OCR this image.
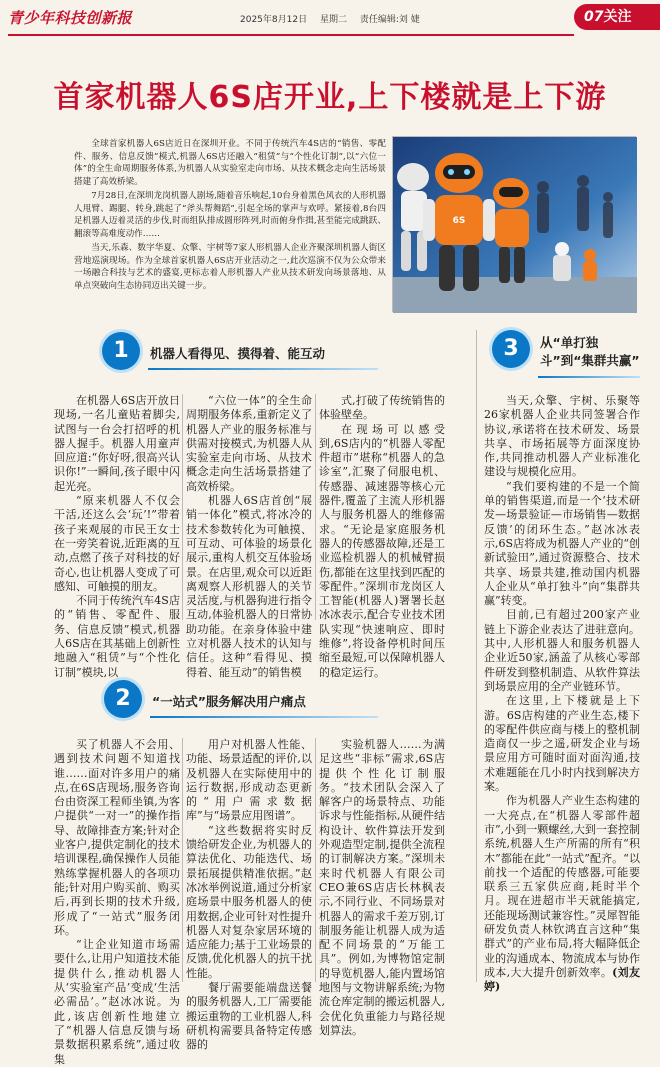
青少年科技创新报	2025年8月12日 星期二 责任编辑:刘 婕	07关注
首家机器人6S店开业,上下楼就是上下游

全球首家机器人6S店近日在深圳开业。不同于传统汽车4S店的“销售、零配件、服务、信息反馈”模式,机器人6S店还融入“租赁”与“个性化订制”,以“六位一体”的全生命周期服务体系,为机器人从实验室走向市场、从技术概念走向生活场景搭建了高效桥梁。

7月28日,在深圳龙岗机器人剧场,随着音乐响起,10台身着黑色风衣的人形机器人甩臂、踢腿、转身,跳起了“斧头帮舞蹈”,引起全场的掌声与欢呼。紧接着,8台四足机器人迈着灵活的步伐,时而组队排成圆形阵列,时而俯身作揖,甚至能完成跳跃、翻滚等高难度动作……

当天,乐森、数字华夏、众擎、宇树等7家人形机器人企业齐聚深圳机器人街区营地巡演现场。作为全球首家机器人6S店开业活动之一,此次巡演不仅为公众带来一场融合科技与艺术的盛宴,更标志着人形机器人产业从技术研发向场景落地、从单点突破向生态协同迈出关键一步。

6S
1	机器人看得见、摸得着、能互动

在机器人6S店开放日现场,一名儿童贴着脚尖,试图与一台会打招呼的机器人握手。机器人用童声回应道:“你好呀,很高兴认识你!”一瞬间,孩子眼中闪起光亮。

“原来机器人不仅会干活,还这么会‘玩’!”带着孩子来观展的市民王女士在一旁笑着说,近距离的互动,点燃了孩子对科技的好奇心,也让机器人变成了可感知、可触摸的朋友。

不同于传统汽车4S店的“销售、零配件、服务、信息反馈”模式,机器人6S店在其基础上创新性地融入“租赁”与“个性化订制”模块,以

“六位一体”的全生命周期服务体系,重新定义了机器人产业的服务标准与供需对接模式,为机器人从实验室走向市场、从技术概念走向生活场景搭建了高效桥梁。

机器人6S店首创“展销一体化”模式,将冰冷的技术参数转化为可触摸、可互动、可体验的场景化展示,重构人机交互体验场景。在店里,观众可以近距离观察人形机器人的关节灵活度,与机器狗进行指令互动,体验机器人的日常协助功能。在亲身体验中建立对机器人技术的认知与信任。这种“看得见、摸得着、能互动”的销售模

式,打破了传统销售的体验壁垒。

在现场可以感受到,6S店内的“机器人零配件超市”堪称“机器人的急诊室”,汇聚了伺服电机、传感器、减速器等核心元器件,覆盖了主流人形机器人与服务机器人的维修需求。“无论是家庭服务机器人的传感器故障,还是工业巡检机器人的机械臂损伤,都能在这里找到匹配的零配件。”深圳市龙岗区人工智能(机器人)署署长赵冰冰表示,配合专业技术团队实现“快速响应、即时维修”,将设备停机时间压缩至最短,可以保障机器人的稳定运行。

2	“一站式”服务解决用户痛点

买了机器人不会用、遇到技术问题不知道找谁……面对许多用户的痛点,在6S店现场,服务咨询台由资深工程师坐镇,为客户提供“一对一”的操作指导、故障排查方案;针对企业客户,提供定制化的技术培训课程,确保操作人员能熟练掌握机器人的各项功能;针对用户购买前、购买后,再到长期的技术升级,形成了“一站式”服务闭环。

“让企业知道市场需要什么,让用户知道技术能提供什么,推动机器人从‘实验室产品’变成‘生活必需品’。”赵冰冰说。为此,该店创新性地建立了“机器人信息反馈与场景数据积累系统”,通过收集

用户对机器人性能、功能、场景适配的评价,以及机器人在实际使用中的运行数据,形成动态更新的“用户需求数据库”与“场景应用图谱”。

“这些数据将实时反馈给研发企业,为机器人的算法优化、功能迭代、场景拓展提供精准依据。”赵冰冰举例说道,通过分析家庭场景中服务机器人的使用数据,企业可针对性提升机器人对复杂家居环境的适应能力;基于工业场景的反馈,优化机器人的抗干扰性能。

餐厅需要能端盘送餐的服务机器人,工厂需要能搬运重物的工业机器人,科研机构需要具备特定传感器的

实验机器人……为满足这些“非标”需求,6S店提供个性化订制服务。“技术团队会深入了解客户的场景特点、功能诉求与性能指标,从硬件结构设计、软件算法开发到外观造型定制,提供全流程的订制解决方案。”深圳未来时代机器人有限公司CEO兼6S店店长林枫表示,不同行业、不同场景对机器人的需求千差万别,订制服务能让机器人成为适配不同场景的“万能工具”。例如,为博物馆定制的导览机器人,能内置场馆地图与文物讲解系统;为物流仓库定制的搬运机器人,会优化负重能力与路径规划算法。

3	从“单打独斗”到“集群共赢”

当天,众擎、宇树、乐聚等26家机器人企业共同签署合作协议,承诺将在技术研发、场景共享、市场拓展等方面深度协作,共同推动机器人产业标准化建设与规模化应用。

“我们要构建的不是一个简单的销售渠道,而是一个‘技术研发—场景验证—市场销售—数据反馈’的闭环生态。”赵冰冰表示,6S店将成为机器人产业的“创新试验田”,通过资源整合、技术共享、场景共建,推动国内机器人企业从“单打独斗”向“集群共赢”转变。

目前,已有超过200家产业链上下游企业表达了进驻意向。其中,人形机器人和服务机器人企业近50家,涵盖了从核心零部件研发到整机制造、从软件算法到场景应用的全产业链环节。

在这里,上下楼就是上下游。6S店构建的产业生态,楼下的零配件供应商与楼上的整机制造商仅一步之遥,研发企业与场景应用方可随时面对面沟通,技术难题能在几小时内找到解决方案。

作为机器人产业生态构建的一大亮点,在“机器人零部件超市”,小到一颗螺丝,大到一套控制系统,机器人生产所需的所有“积木”都能在此“一站式”配齐。“以前找一个适配的传感器,可能要联系三五家供应商,耗时半个月。现在进超市半天就能搞定,还能现场测试兼容性。”灵犀智能研发负责人林钦鸿直言这种“集群式”的产业布局,将大幅降低企业的沟通成本、物流成本与协作成本,大大提升创新效率。(刘友婷)
